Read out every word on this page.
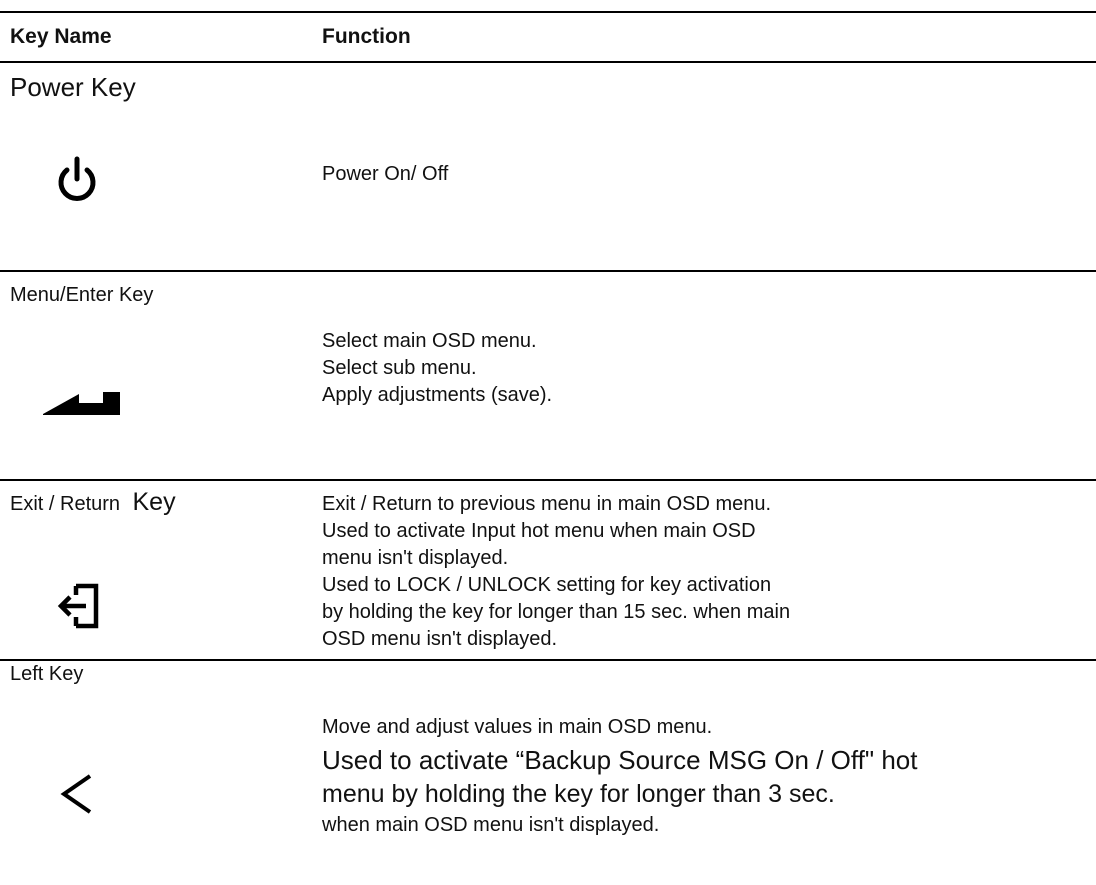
Key Name	Function
Power Key
Power On/ Off
Menu/Enter Key
Select main OSD menu.
Select sub menu.
Apply adjustments (save).
Exit / Return Key	Exit / Return to previous menu in main OSD menu.
Used to activate Input hot menu when main OSD
menu isn't displayed.
Used to LOCK / UNLOCK setting for key activation
by holding the key for longer than 15 sec. when main
OSD menu isn't displayed.
Left Key
Move and adjust values in main OSD menu.
Used to activate “Backup Source MSG On / Off" hot
menu by holding the key for longer than 3 sec.
when main OSD menu isn't displayed.
